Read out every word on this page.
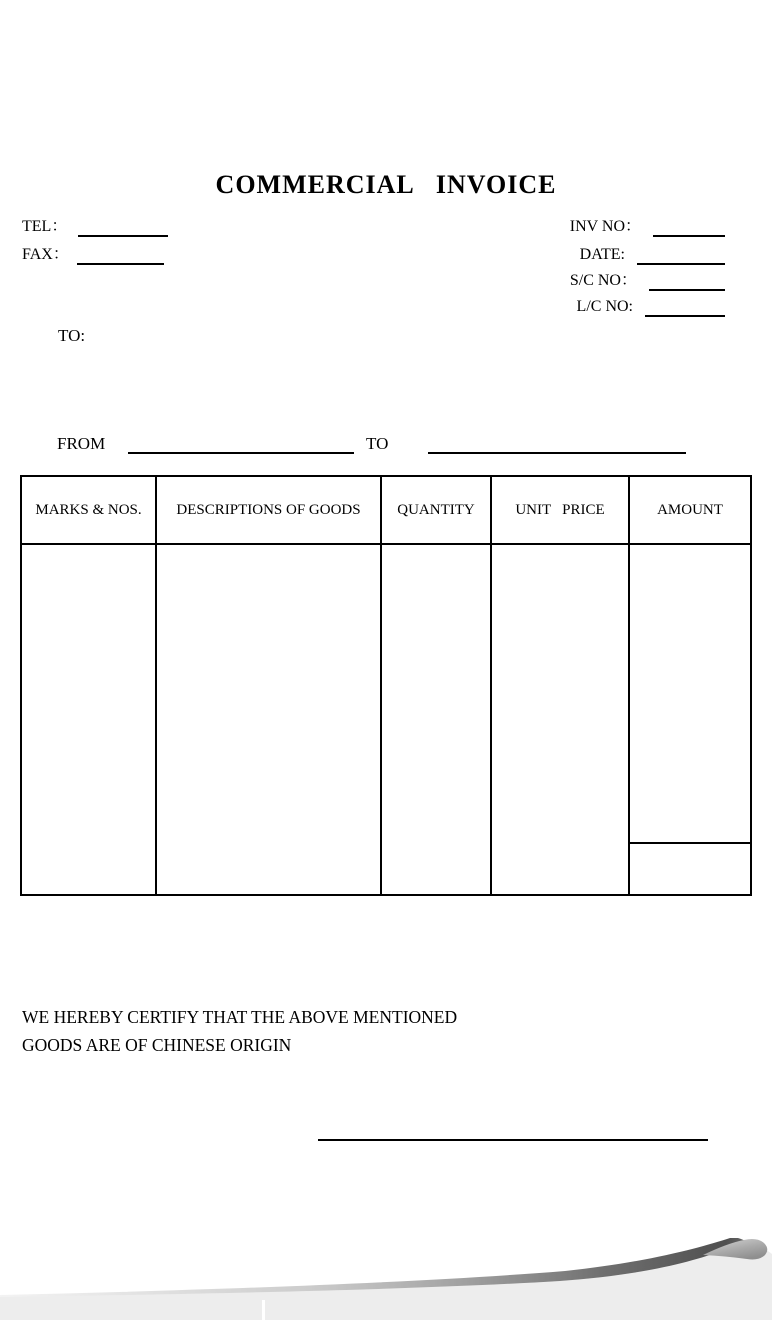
COMMERCIAL   INVOICE
TEL：
FAX：
INV NO：
DATE:
S/C NO：
L/C NO:
TO:
FROM	TO
MARKS & NOS.	DESCRIPTIONS OF GOODS	QUANTITY	UNIT   PRICE	AMOUNT

WE HEREBY CERTIFY THAT THE ABOVE MENTIONED
GOODS ARE OF CHINESE ORIGIN
